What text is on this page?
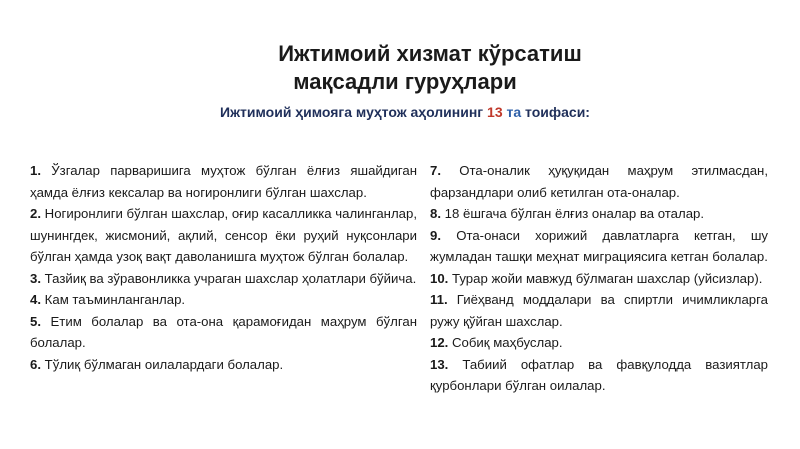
Ижтимоий хизмат кўрсатиш
мақсадли гуруҳлари
Ижтимоий ҳимояга муҳтож аҳолининг 13 та тоифаси:

1. Ўзгалар парваришига муҳтож бўлган ёлғиз яшайдиган ҳамда ёлғиз кексалар ва ногиронлиги бўлган шахслар.

2. Ногиронлиги бўлган шахслар, оғир касалликка чалинганлар, шунингдек, жисмоний, ақлий, сенсор ёки руҳий нуқсонлари бўлган ҳамда узоқ вақт даволанишга муҳтож бўлган болалар.

3. Тазйиқ ва зўравонликка учраган шахслар ҳолатлари бўйича.

4. Кам таъминланганлар.

5. Етим болалар ва ота-она қарамоғидан маҳрум бўлган болалар.

6. Тўлиқ бўлмаган оилалардаги болалар.

7. Ота-оналик ҳуқуқидан маҳрум этилмасдан, фарзандлари олиб кетилган ота-оналар.

8. 18 ёшгача бўлган ёлғиз оналар ва оталар.

9. Ота-онаси хорижий давлатларга кетган, шу жумладан ташқи меҳнат миграциясига кетган болалар.

10. Турар жойи мавжуд бўлмаган шахслар (уйсизлар).

11. Гиёҳванд моддалари ва спиртли ичимликларга ружу қўйган шахслар.

12. Собиқ маҳбуслар.

13. Табиий офатлар ва фавқулодда вазиятлар қурбонлари бўлган оилалар.
